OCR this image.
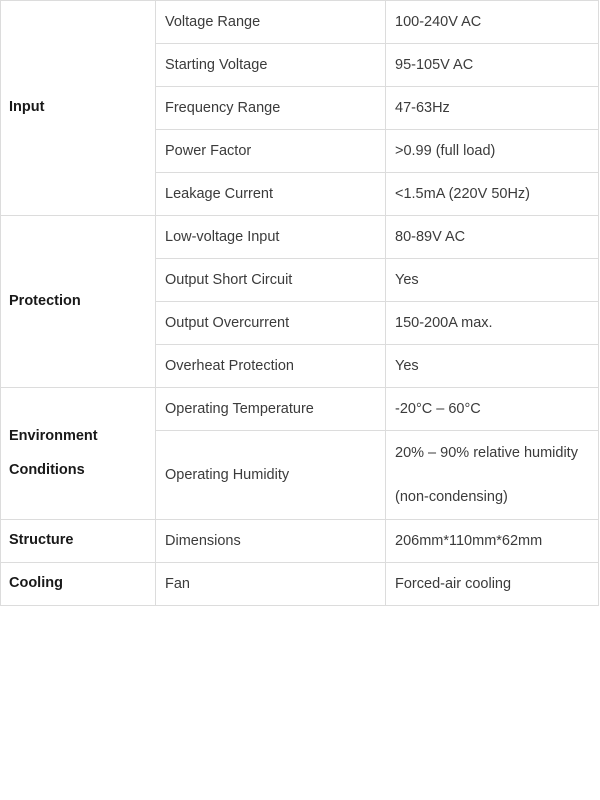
Input	Voltage Range	100-240V AC
	Starting Voltage	95-105V AC
	Frequency Range	47-63Hz
	Power Factor	>0.99 (full load)
	Leakage Current	<1.5mA (220V 50Hz)
Protection	Low-voltage Input	80-89V AC
	Output Short Circuit	Yes
	Output Overcurrent	150-200A max.
	Overheat Protection	Yes
Environment Conditions	Operating Temperature	-20°C – 60°C
	Operating Humidity	20% – 90% relative humidity
(non-condensing)

Structure	Dimensions	206mm*110mm*62mm
Cooling	Fan	Forced-air cooling
